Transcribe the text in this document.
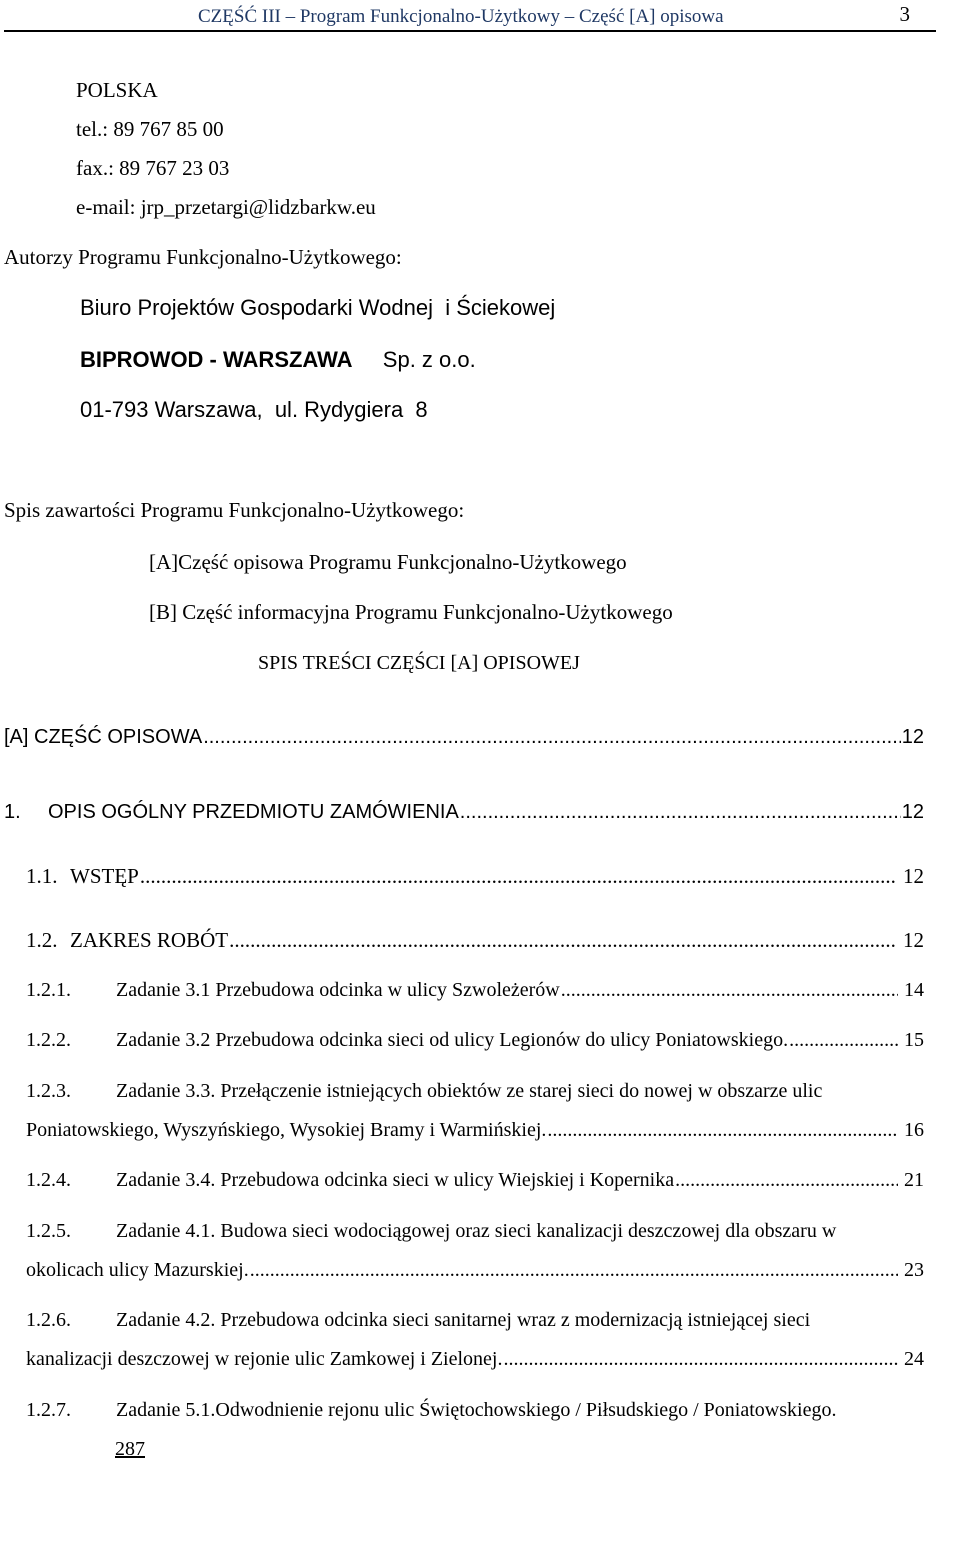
CZĘŚĆ III – Program Funkcjonalno-Użytkowy – Część [A] opisowa	3
POLSKA
tel.: 89 767 85 00
fax.: 89 767 23 03
e-mail: jrp_przetargi@lidzbarkw.eu
Autorzy Programu Funkcjonalno-Użytkowego:
Biuro Projektów Gospodarki Wodnej  i Ściekowej
BIPROWOD - WARSZAWA Sp. z o.o.
01-793 Warszawa,  ul. Rydygiera  8
Spis zawartości Programu Funkcjonalno-Użytkowego:
[A]Część opisowa Programu Funkcjonalno-Użytkowego
[B] Część informacyjna Programu Funkcjonalno-Użytkowego
SPIS TREŚCI CZĘŚCI [A] OPISOWEJ
[A] CZĘŚĆ OPISOWA .....	12
1.	OPIS OGÓLNY PRZEDMIOTU ZAMÓWIENIA .....	12
1.1. WSTĘP .....	12
1.2. ZAKRES ROBÓT .....	12
1.2.1.	Zadanie 3.1 Przebudowa odcinka w ulicy Szwoleżerów .....	14
1.2.2.	Zadanie 3.2 Przebudowa odcinka sieci od ulicy Legionów do ulicy Poniatowskiego. .....	15
1.2.3. Zadanie 3.3. Przełączenie istniejących obiektów ze starej sieci do nowej w obszarze ulic
Poniatowskiego, Wyszyńskiego, Wysokiej Bramy i Warmińskiej. .....	16
1.2.4.	Zadanie 3.4. Przebudowa odcinka sieci w ulicy Wiejskiej i Kopernika .....	21
1.2.5. Zadanie 4.1. Budowa sieci wodociągowej oraz sieci kanalizacji deszczowej dla obszaru w
okolicach ulicy Mazurskiej. .....	23
1.2.6. Zadanie 4.2. Przebudowa odcinka sieci sanitarnej wraz z modernizacją istniejącej sieci
kanalizacji deszczowej w rejonie ulic Zamkowej i Zielonej. .....	24
1.2.7. Zadanie 5.1.Odwodnienie rejonu ulic Świętochowskiego / Piłsudskiego / Poniatowskiego.
287
